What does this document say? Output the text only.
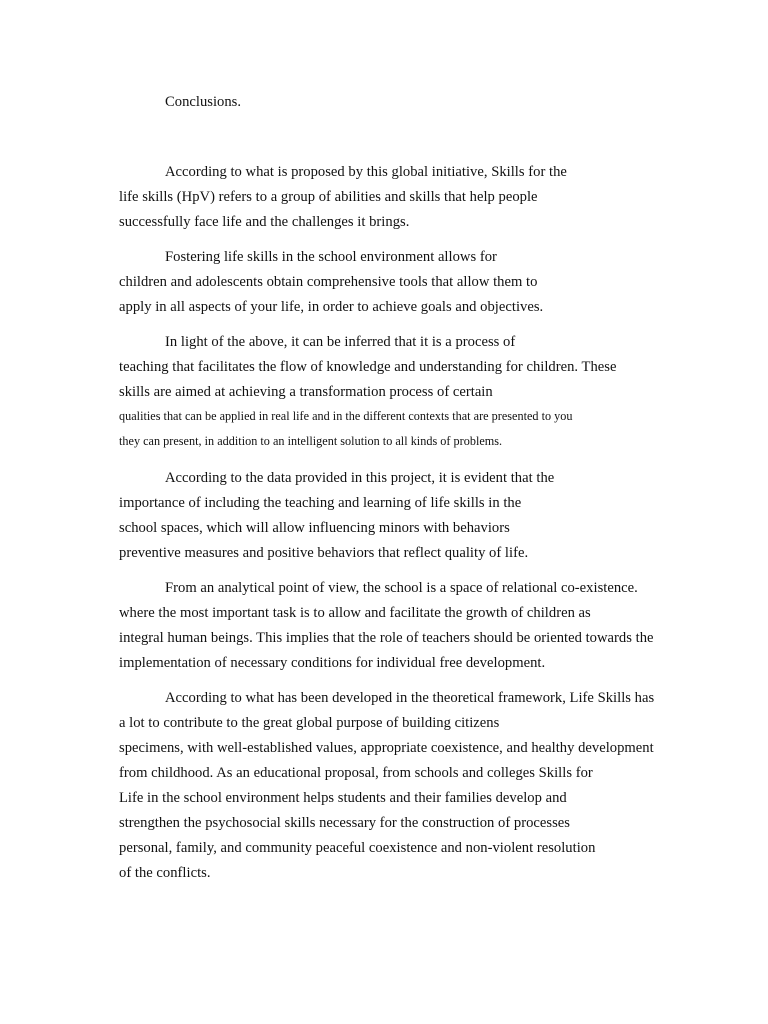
Conclusions.
According to what is proposed by this global initiative, Skills for the
life skills (HpV) refers to a group of abilities and skills that help people
successfully face life and the challenges it brings.
Fostering life skills in the school environment allows for
children and adolescents obtain comprehensive tools that allow them to
apply in all aspects of your life, in order to achieve goals and objectives.
In light of the above, it can be inferred that it is a process of
teaching that facilitates the flow of knowledge and understanding for children. These
skills are aimed at achieving a transformation process of certain
qualities that can be applied in real life and in the different contexts that are presented to you
they can present, in addition to an intelligent solution to all kinds of problems.
According to the data provided in this project, it is evident that the
importance of including the teaching and learning of life skills in the
school spaces, which will allow influencing minors with behaviors
preventive measures and positive behaviors that reflect quality of life.
From an analytical point of view, the school is a space of relational co-existence.
where the most important task is to allow and facilitate the growth of children as
integral human beings. This implies that the role of teachers should be oriented towards the
implementation of necessary conditions for individual free development.
According to what has been developed in the theoretical framework, Life Skills has
a lot to contribute to the great global purpose of building citizens
specimens, with well-established values, appropriate coexistence, and healthy development
from childhood. As an educational proposal, from schools and colleges Skills for
Life in the school environment helps students and their families develop and
strengthen the psychosocial skills necessary for the construction of processes
personal, family, and community peaceful coexistence and non-violent resolution
of the conflicts.
